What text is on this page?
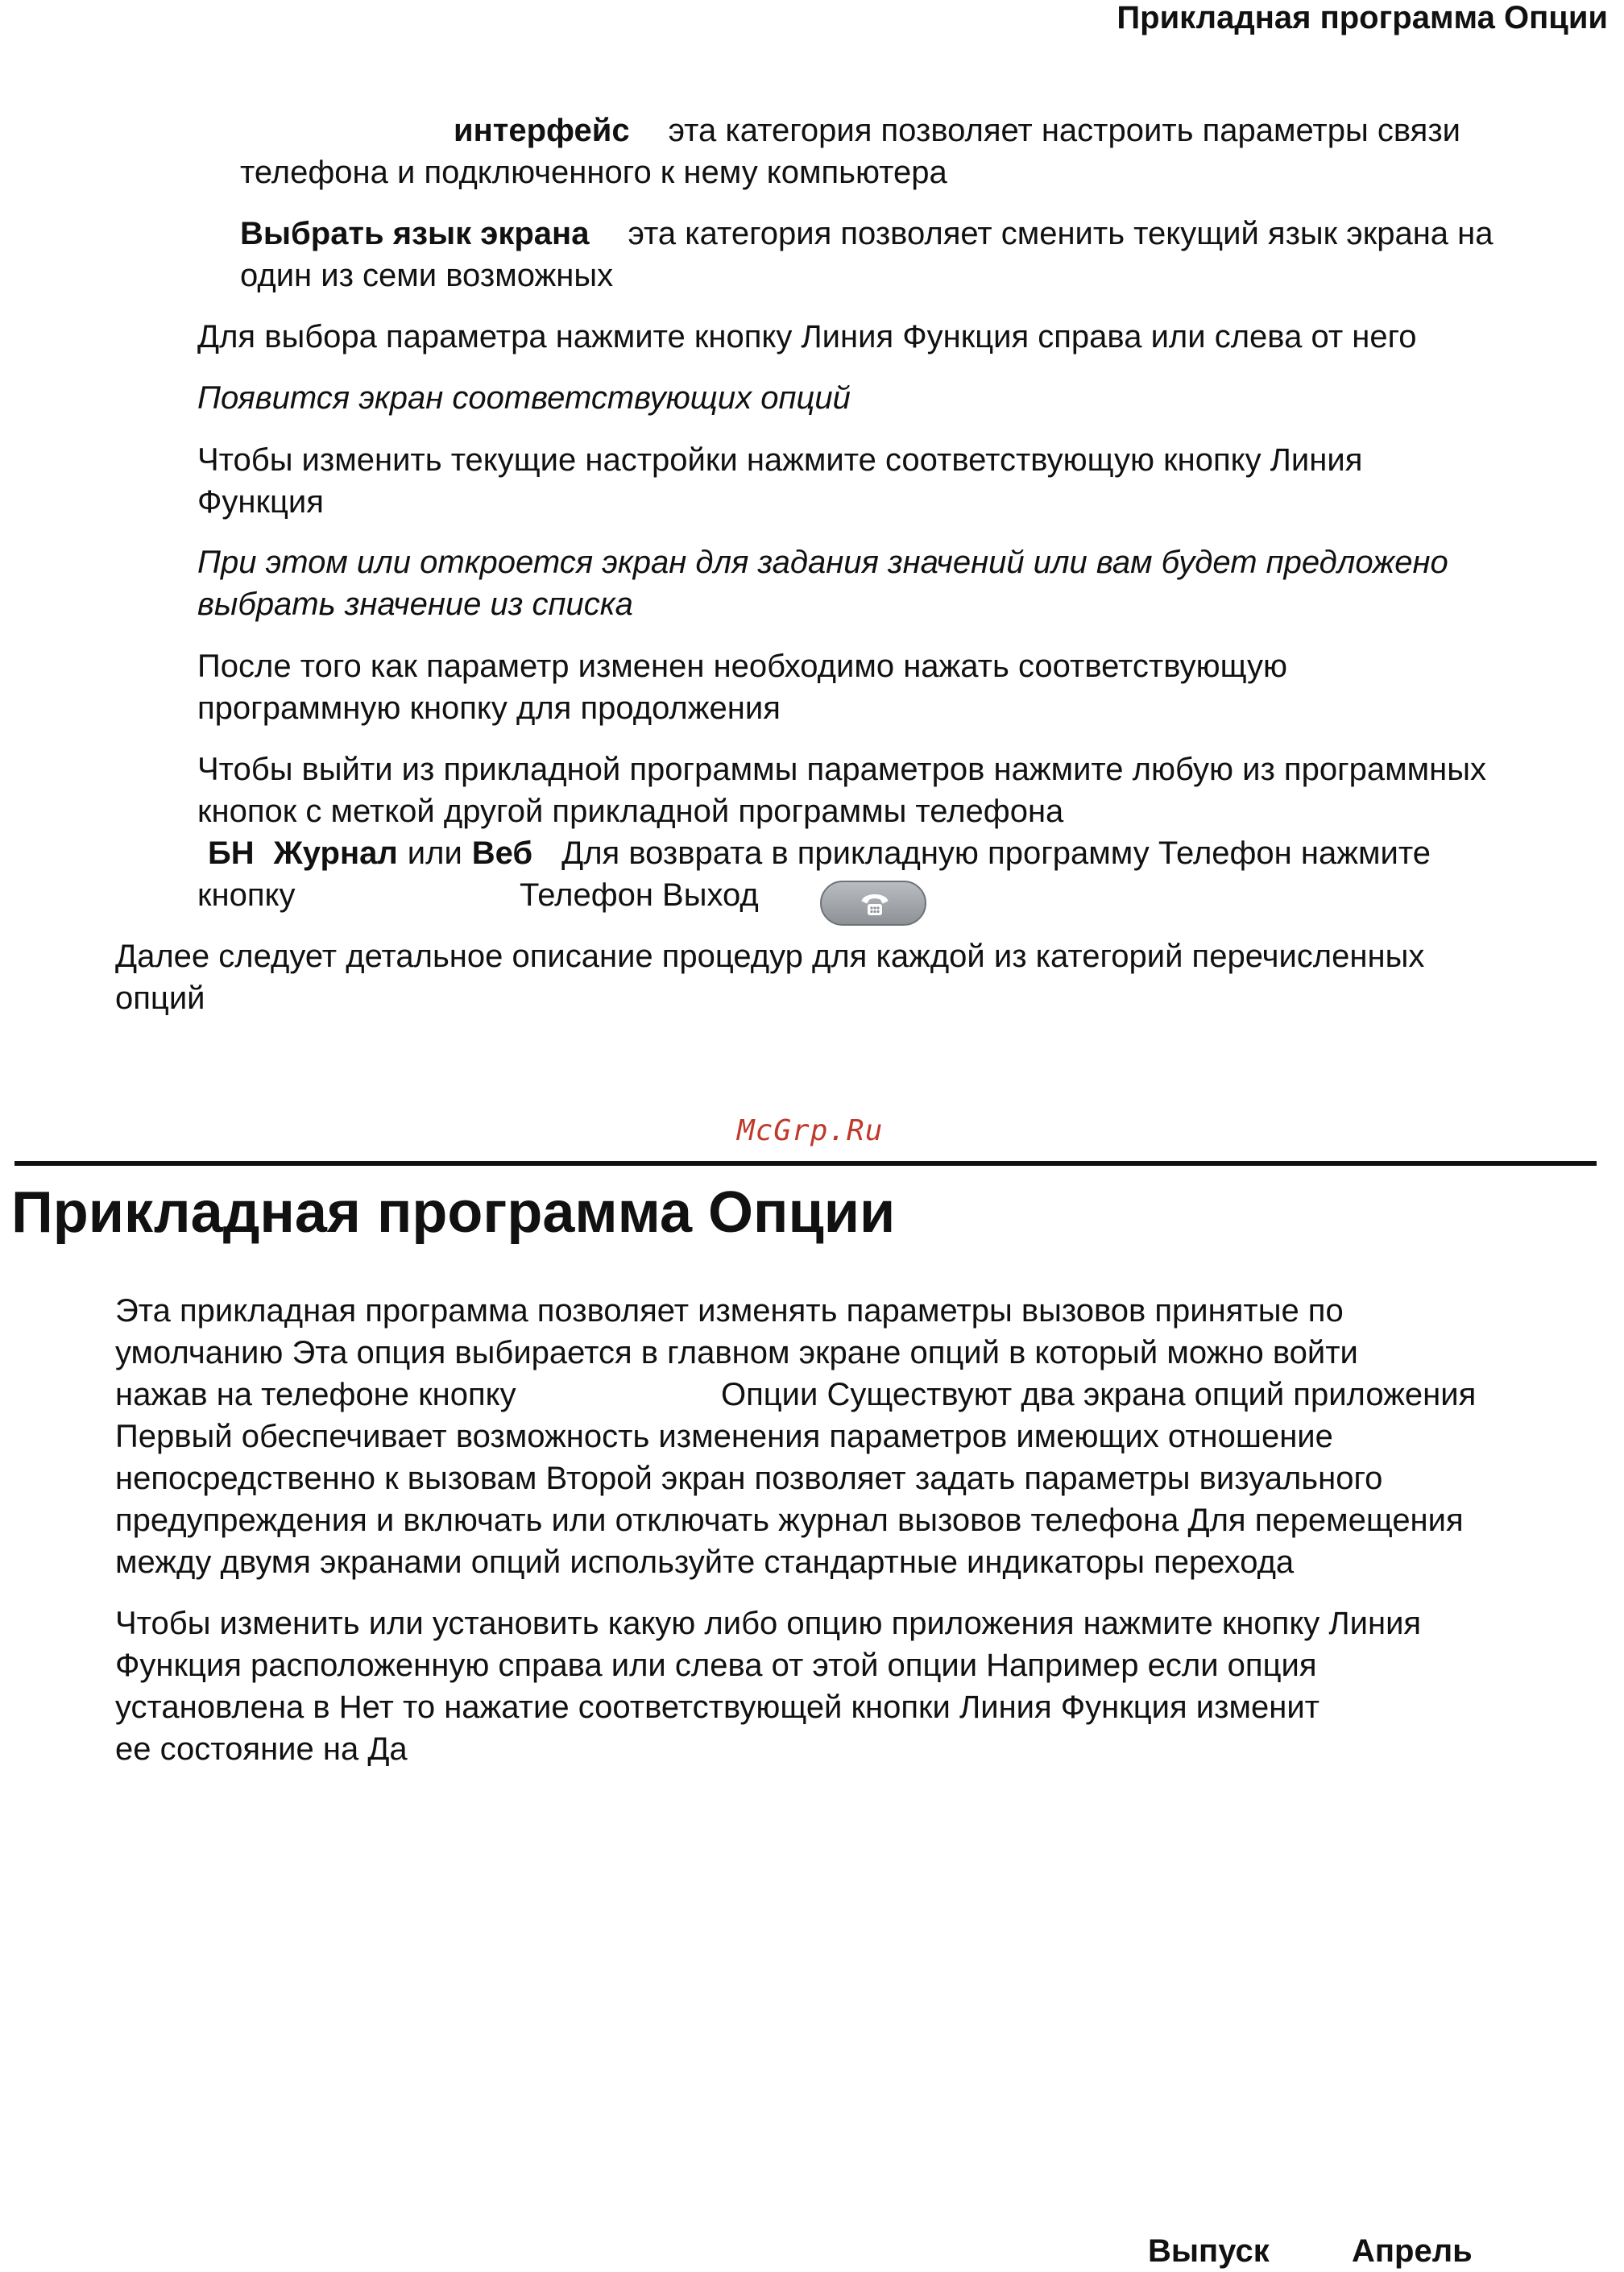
Прикладная программа Опции
интерфейс эта категория позволяет настроить параметры связи
телефона и подключенного к нему компьютера
Выбрать язык экрана эта категория позволяет сменить текущий язык экрана на
один из семи возможных
Для выбора параметра нажмите кнопку Линия Функция справа или слева от него
Появится экран соответствующих опций
Чтобы изменить текущие настройки нажмите соответствующую кнопку Линия
Функция
При этом или откроется экран для задания значений или вам будет предложено
выбрать значение из списка
После того как параметр изменен необходимо нажать соответствующую
программную кнопку для продолжения
Чтобы выйти из прикладной программы параметров нажмите любую из программных
кнопок с меткой другой прикладной программы телефона
БН Журнал или Веб Для возврата в прикладную программу Телефон нажмите
кнопку	Телефон Выход
Далее следует детальное описание процедур для каждой из категорий перечисленных
опций
McGrp.Ru
Прикладная программа Опции
Эта прикладная программа позволяет изменять параметры вызовов принятые по
умолчанию Эта опция выбирается в главном экране опций в который можно войти
нажав на телефоне кнопку	Опции Существуют два экрана опций приложения
Первый обеспечивает возможность изменения параметров имеющих отношение
непосредственно к вызовам Второй экран позволяет задать параметры визуального
предупреждения и включать или отключать журнал вызовов телефона Для перемещения
между двумя экранами опций используйте стандартные индикаторы перехода
Чтобы изменить или установить какую либо опцию приложения нажмите кнопку Линия
Функция расположенную справа или слева от этой опции Например если опция
установлена в Нет то нажатие соответствующей кнопки Линия Функция изменит
ее состояние на Да
Выпуск	Апрель
